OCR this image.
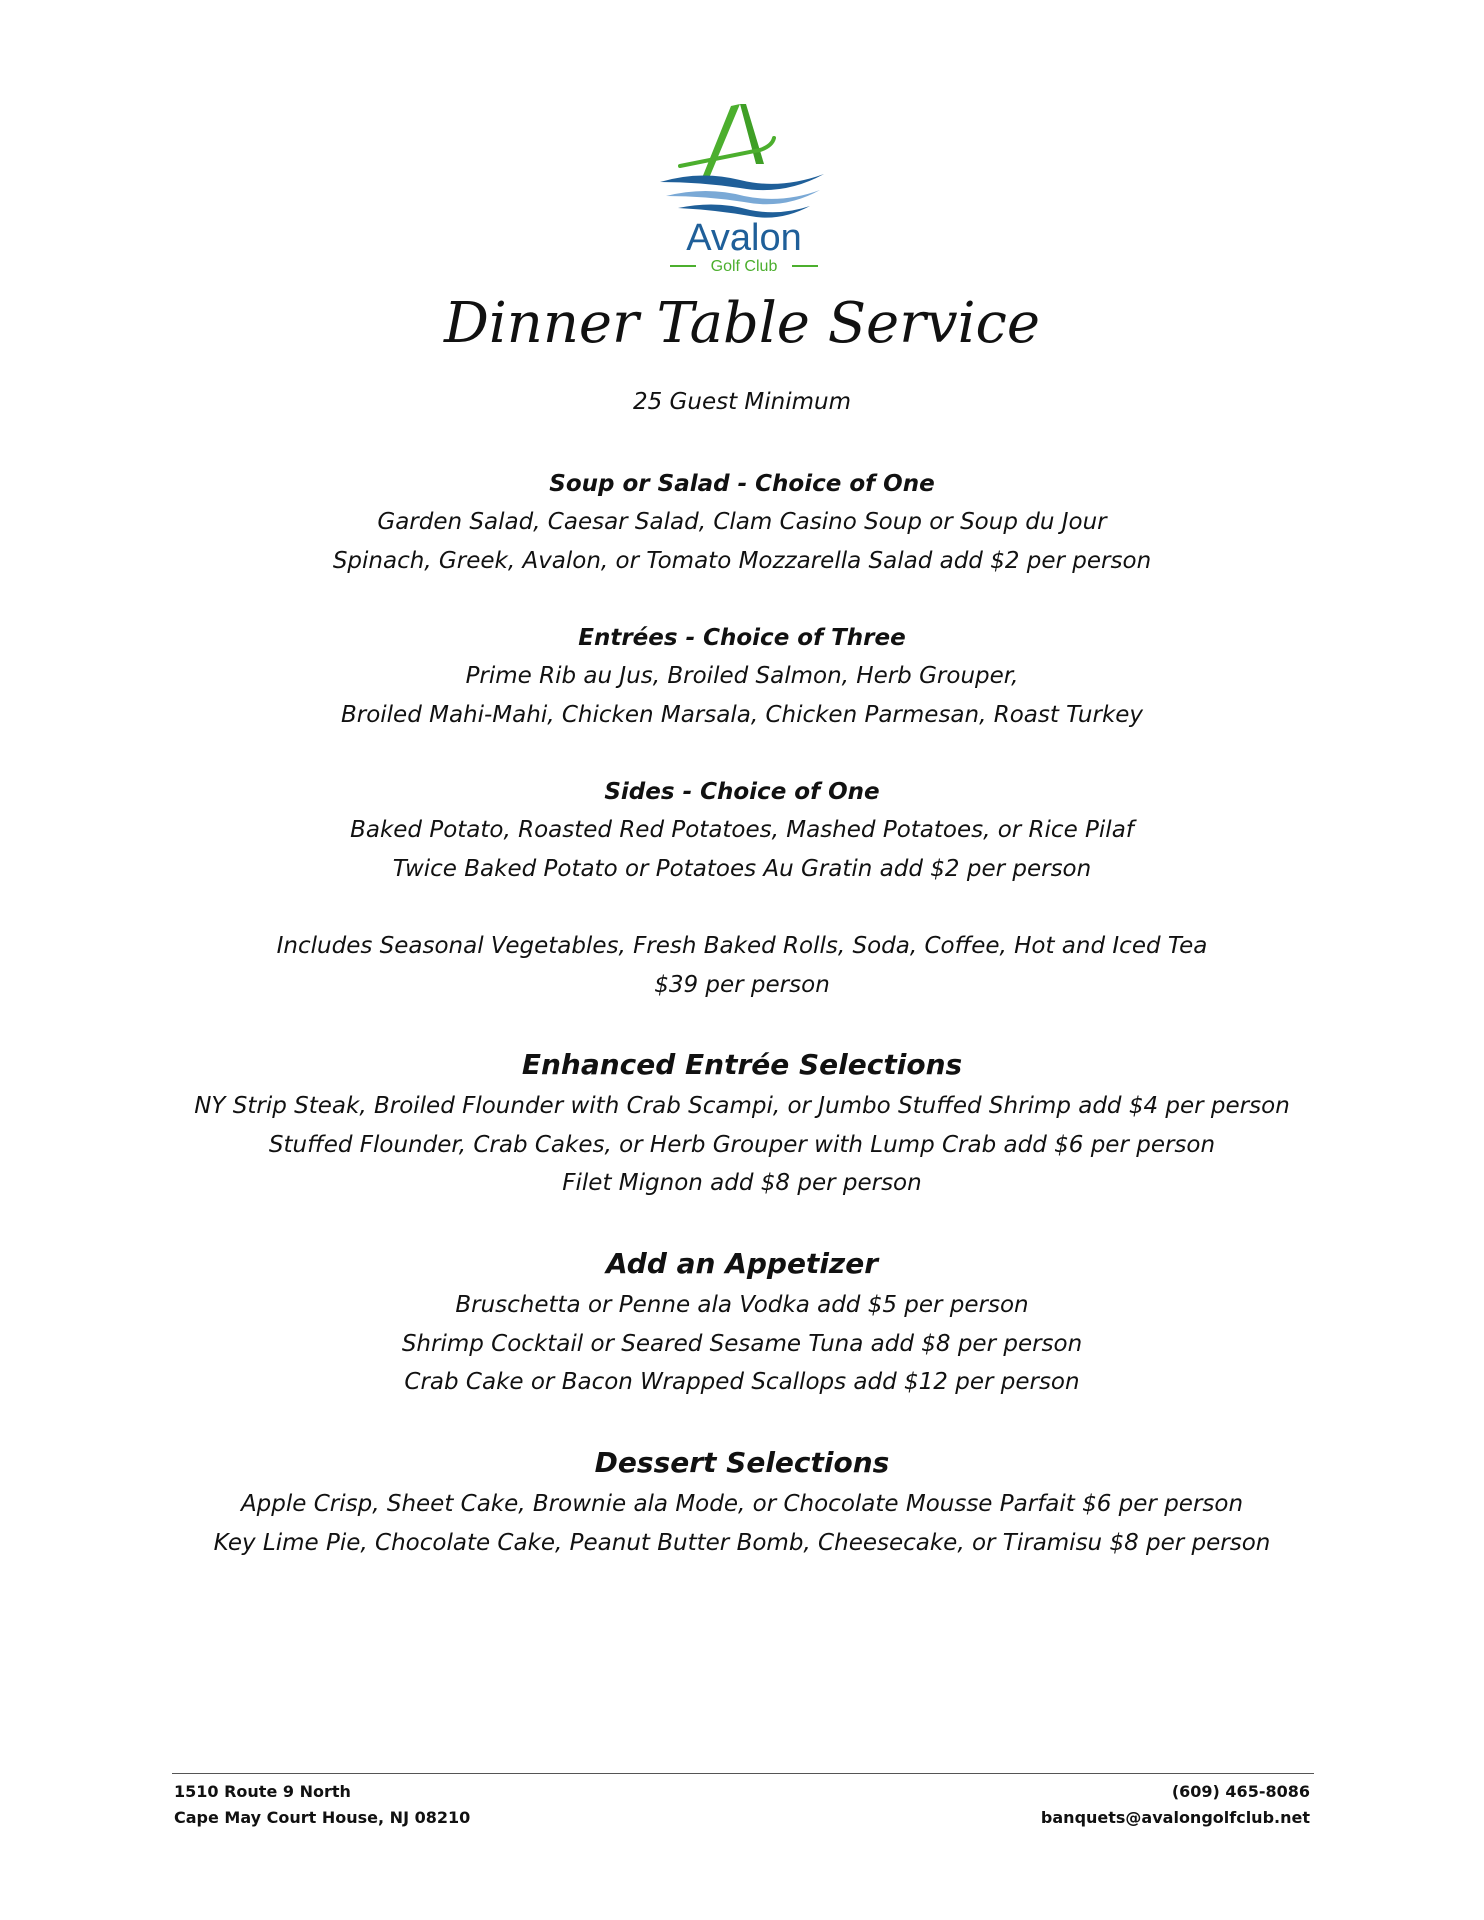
Avalon
Golf Club
Dinner Table Service
25 Guest Minimum
Soup or Salad - Choice of One
Garden Salad, Caesar Salad, Clam Casino Soup or Soup du Jour
Spinach, Greek, Avalon, or Tomato Mozzarella Salad add $2 per person
Entrées - Choice of Three
Prime Rib au Jus, Broiled Salmon, Herb Grouper,
Broiled Mahi-Mahi, Chicken Marsala, Chicken Parmesan, Roast Turkey
Sides - Choice of One
Baked Potato, Roasted Red Potatoes, Mashed Potatoes, or Rice Pilaf
Twice Baked Potato or Potatoes Au Gratin add $2 per person
Includes Seasonal Vegetables, Fresh Baked Rolls, Soda, Coffee, Hot and Iced Tea
$39 per person
Enhanced Entrée Selections
NY Strip Steak, Broiled Flounder with Crab Scampi, or Jumbo Stuffed Shrimp add $4 per person
Stuffed Flounder, Crab Cakes, or Herb Grouper with Lump Crab add $6 per person
Filet Mignon add $8 per person
Add an Appetizer
Bruschetta or Penne ala Vodka add $5 per person
Shrimp Cocktail or Seared Sesame Tuna add $8 per person
Crab Cake or Bacon Wrapped Scallops add $12 per person
Dessert Selections
Apple Crisp, Sheet Cake, Brownie ala Mode, or Chocolate Mousse Parfait $6 per person
Key Lime Pie, Chocolate Cake, Peanut Butter Bomb, Cheesecake, or Tiramisu $8 per person
1510 Route 9 North
Cape May Court House, NJ 08210
(609) 465-8086
banquets@avalongolfclub.net
